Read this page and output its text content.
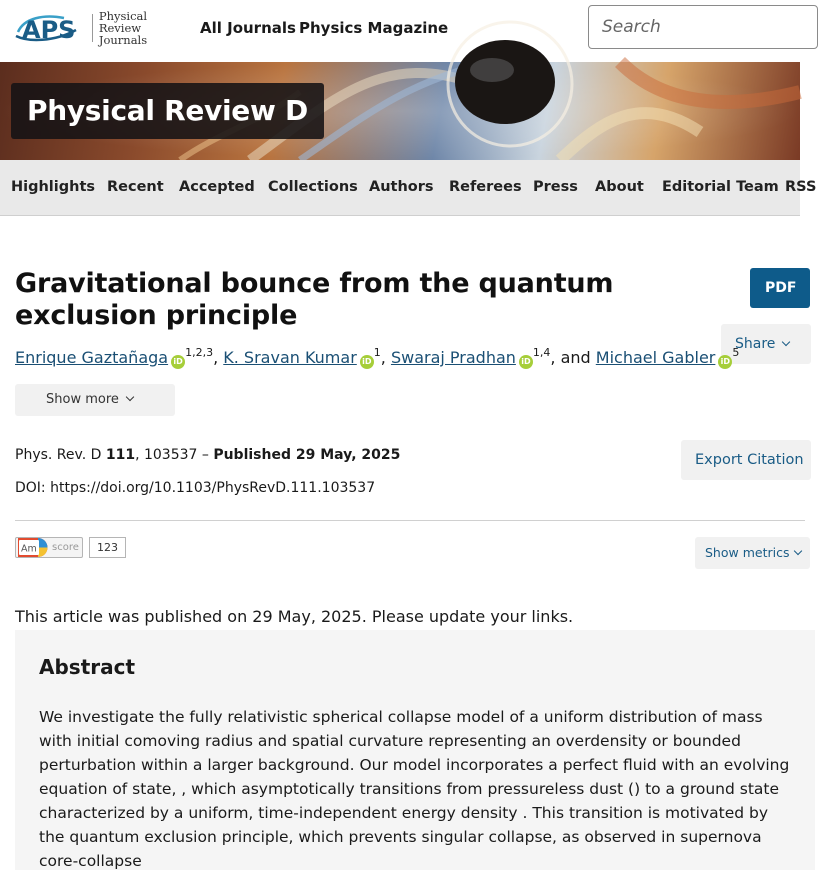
APS Physical Review
Journals
All Journals Physics Magazine
Search
Physical Review D
Highlights Recent Accepted Collections Authors Referees Press About Editorial Team RSS
Gravitational bounce from the quantum exclusion principle
PDF
Share
Enrique Gaztañaga iD$^{1,2,3}$, K. Sravan Kumar $iD^1$, Swaraj Pradhan iD$^{1,4}$, and Michael Gabler $iD^5$
Show more
Phys. Rev. D 111, 103537 – Published 29 May, 2025
DOI: https://doi.org/10.1103/PhysRevD.111.103537
Export Citation
Am score	123	Show metrics
This article was published on 29 May, 2025. Please update your links.
Abstract

We investigate the fully relativistic spherical collapse model of a uniform distribution of mass with initial comoving radius and spatial curvature representing an overdensity or bounded perturbation within a larger background. Our model incorporates a perfect fluid with an evolving equation of state, , which asymptotically transitions from pressureless dust () to a ground state characterized by a uniform, time-independent energy density . This transition is motivated by the quantum exclusion principle, which prevents singular collapse, as observed in supernova core-collapse
